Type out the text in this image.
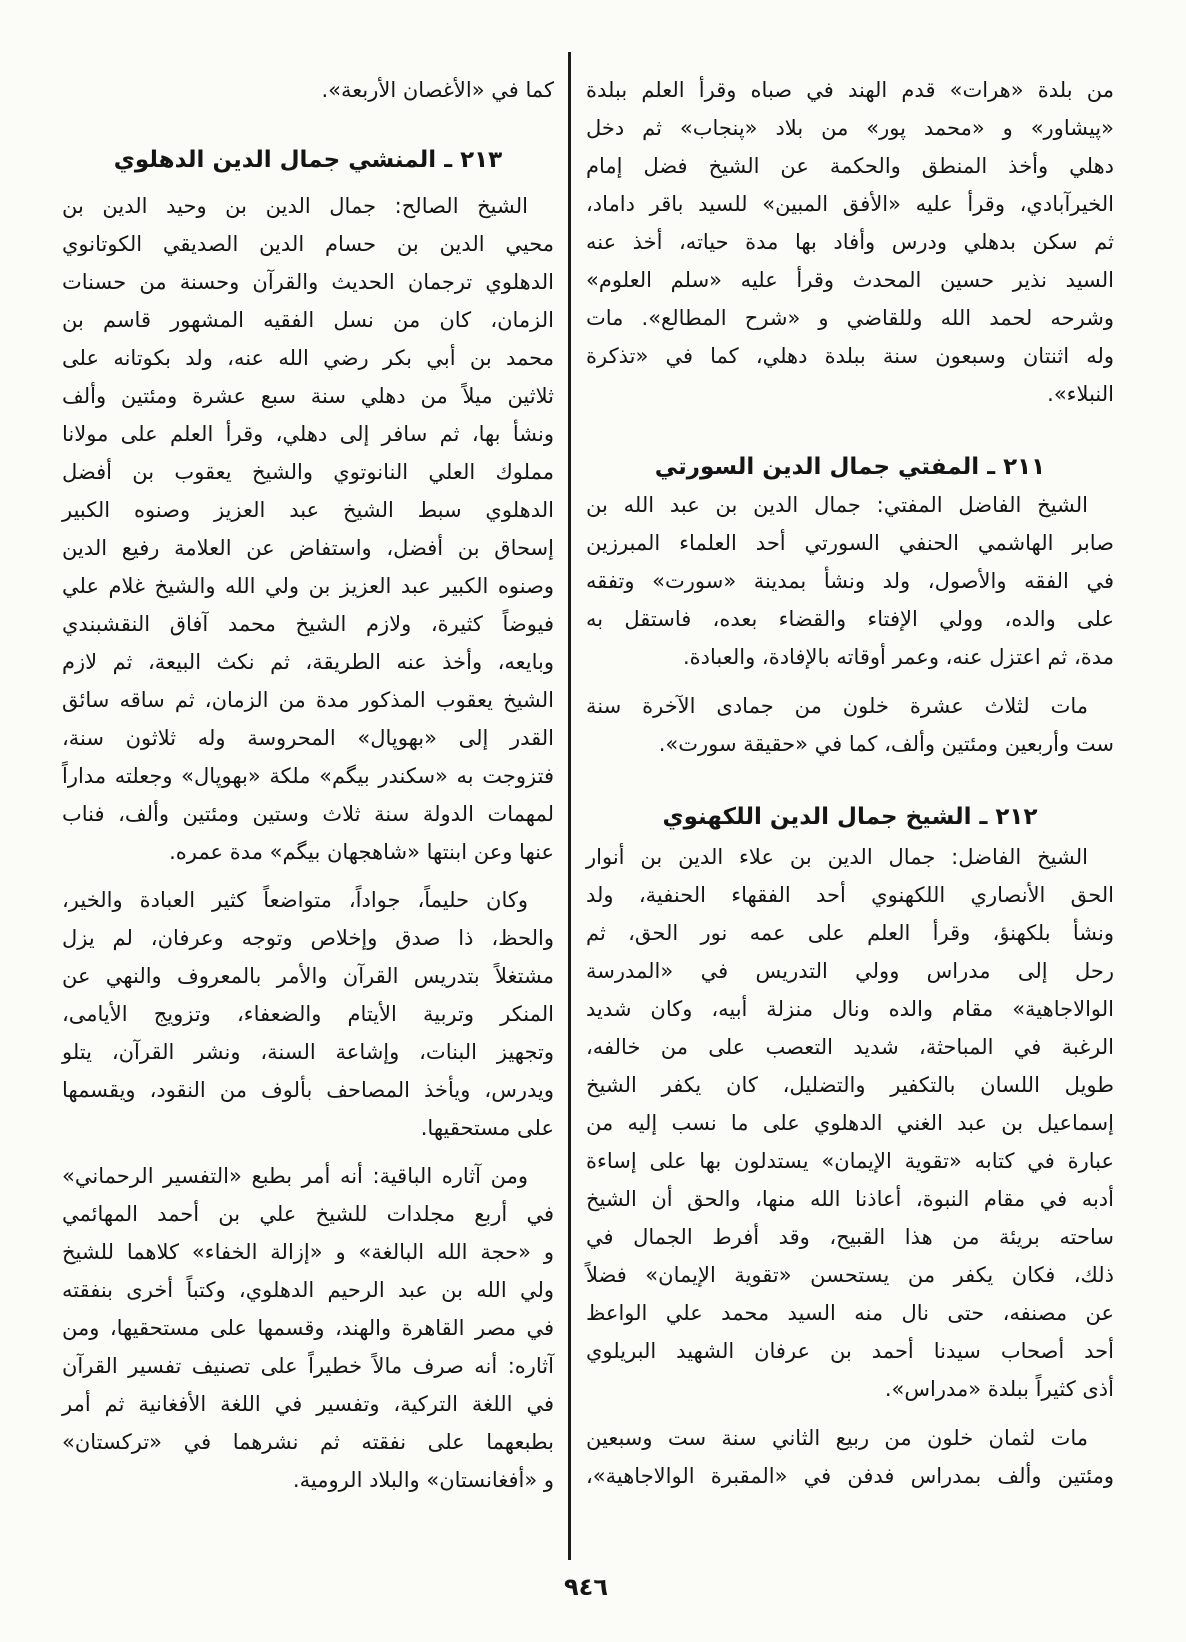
من بلدة «هرات» قدم الهند في صباه وقرأ العلم ببلدة
«پيشاور» و «محمد پور» من بلاد «پنجاب» ثم دخل
دهلي وأخذ المنطق والحكمة عن الشيخ فضل إمام
الخيرآبادي، وقرأ عليه «الأفق المبين» للسيد باقر داماد،
ثم سكن بدهلي ودرس وأفاد بها مدة حياته، أخذ عنه
السيد نذير حسين المحدث وقرأ عليه «سلم العلوم»
وشرحه لحمد الله وللقاضي و «شرح المطالع». مات
وله اثنتان وسبعون سنة ببلدة دهلي، كما في «تذكرة
النبلاء».
٢١١ ـ المفتي جمال الدين السورتي
الشيخ الفاضل المفتي: جمال الدين بن عبد الله بن
صابر الهاشمي الحنفي السورتي أحد العلماء المبرزين
في الفقه والأصول، ولد ونشأ بمدينة «سورت» وتفقه
على والده، وولي الإفتاء والقضاء بعده، فاستقل به
مدة، ثم اعتزل عنه، وعمر أوقاته بالإفادة، والعبادة.
مات لثلاث عشرة خلون من جمادى الآخرة سنة
ست وأربعين ومئتين وألف، كما في «حقيقة سورت».
٢١٢ ـ الشيخ جمال الدين اللكهنوي
الشيخ الفاضل: جمال الدين بن علاء الدين بن أنوار
الحق الأنصاري اللكهنوي أحد الفقهاء الحنفية، ولد
ونشأ بلكهنؤ، وقرأ العلم على عمه نور الحق، ثم
رحل إلى مدراس وولي التدريس في «المدرسة
الوالاجاهية» مقام والده ونال منزلة أبيه، وكان شديد
الرغبة في المباحثة، شديد التعصب على من خالفه،
طويل اللسان بالتكفير والتضليل، كان يكفر الشيخ
إسماعيل بن عبد الغني الدهلوي على ما نسب إليه من
عبارة في كتابه «تقوية الإيمان» يستدلون بها على إساءة
أدبه في مقام النبوة، أعاذنا الله منها، والحق أن الشيخ
ساحته بريئة من هذا القبيح، وقد أفرط الجمال في
ذلك، فكان يكفر من يستحسن «تقوية الإيمان» فضلاً
عن مصنفه، حتى نال منه السيد محمد علي الواعظ
أحد أصحاب سيدنا أحمد بن عرفان الشهيد البريلوي
أذى كثيراً ببلدة «مدراس».
مات لثمان خلون من ربيع الثاني سنة ست وسبعين
ومئتين وألف بمدراس فدفن في «المقبرة الوالاجاهية»،
كما في «الأغصان الأربعة».
٢١٣ ـ المنشي جمال الدين الدهلوي
الشيخ الصالح: جمال الدين بن وحيد الدين بن
محيي الدين بن حسام الدين الصديقي الكوتانوي
الدهلوي ترجمان الحديث والقرآن وحسنة من حسنات
الزمان، كان من نسل الفقيه المشهور قاسم بن
محمد بن أبي بكر رضي الله عنه، ولد بكوتانه على
ثلاثين ميلاً من دهلي سنة سبع عشرة ومئتين وألف
ونشأ بها، ثم سافر إلى دهلي، وقرأ العلم على مولانا
مملوك العلي النانوتوي والشيخ يعقوب بن أفضل
الدهلوي سبط الشيخ عبد العزيز وصنوه الكبير
إسحاق بن أفضل، واستفاض عن العلامة رفيع الدين
وصنوه الكبير عبد العزيز بن ولي الله والشيخ غلام علي
فيوضاً كثيرة، ولازم الشيخ محمد آفاق النقشبندي
وبايعه، وأخذ عنه الطريقة، ثم نكث البيعة، ثم لازم
الشيخ يعقوب المذكور مدة من الزمان، ثم ساقه سائق
القدر إلى «بهوپال» المحروسة وله ثلاثون سنة،
فتزوجت به «سكندر بيگم» ملكة «بهوپال» وجعلته مداراً
لمهمات الدولة سنة ثلاث وستين ومئتين وألف، فناب
عنها وعن ابنتها «شاهجهان بيگم» مدة عمره.
وكان حليماً، جواداً، متواضعاً كثير العبادة والخير،
والحظ، ذا صدق وإخلاص وتوجه وعرفان، لم يزل
مشتغلاً بتدريس القرآن والأمر بالمعروف والنهي عن
المنكر وتربية الأيتام والضعفاء، وتزويج الأيامى،
وتجهيز البنات، وإشاعة السنة، ونشر القرآن، يتلو
ويدرس، ويأخذ المصاحف بألوف من النقود، ويقسمها
على مستحقيها.
ومن آثاره الباقية: أنه أمر بطبع «التفسير الرحماني»
في أربع مجلدات للشيخ علي بن أحمد المهائمي
و «حجة الله البالغة» و «إزالة الخفاء» كلاهما للشيخ
ولي الله بن عبد الرحيم الدهلوي، وكتباً أخرى بنفقته
في مصر القاهرة والهند، وقسمها على مستحقيها، ومن
آثاره: أنه صرف مالاً خطيراً على تصنيف تفسير القرآن
في اللغة التركية، وتفسير في اللغة الأفغانية ثم أمر
بطبعهما على نفقته ثم نشرهما في «تركستان»
و «أفغانستان» والبلاد الرومية.
٩٤٦
